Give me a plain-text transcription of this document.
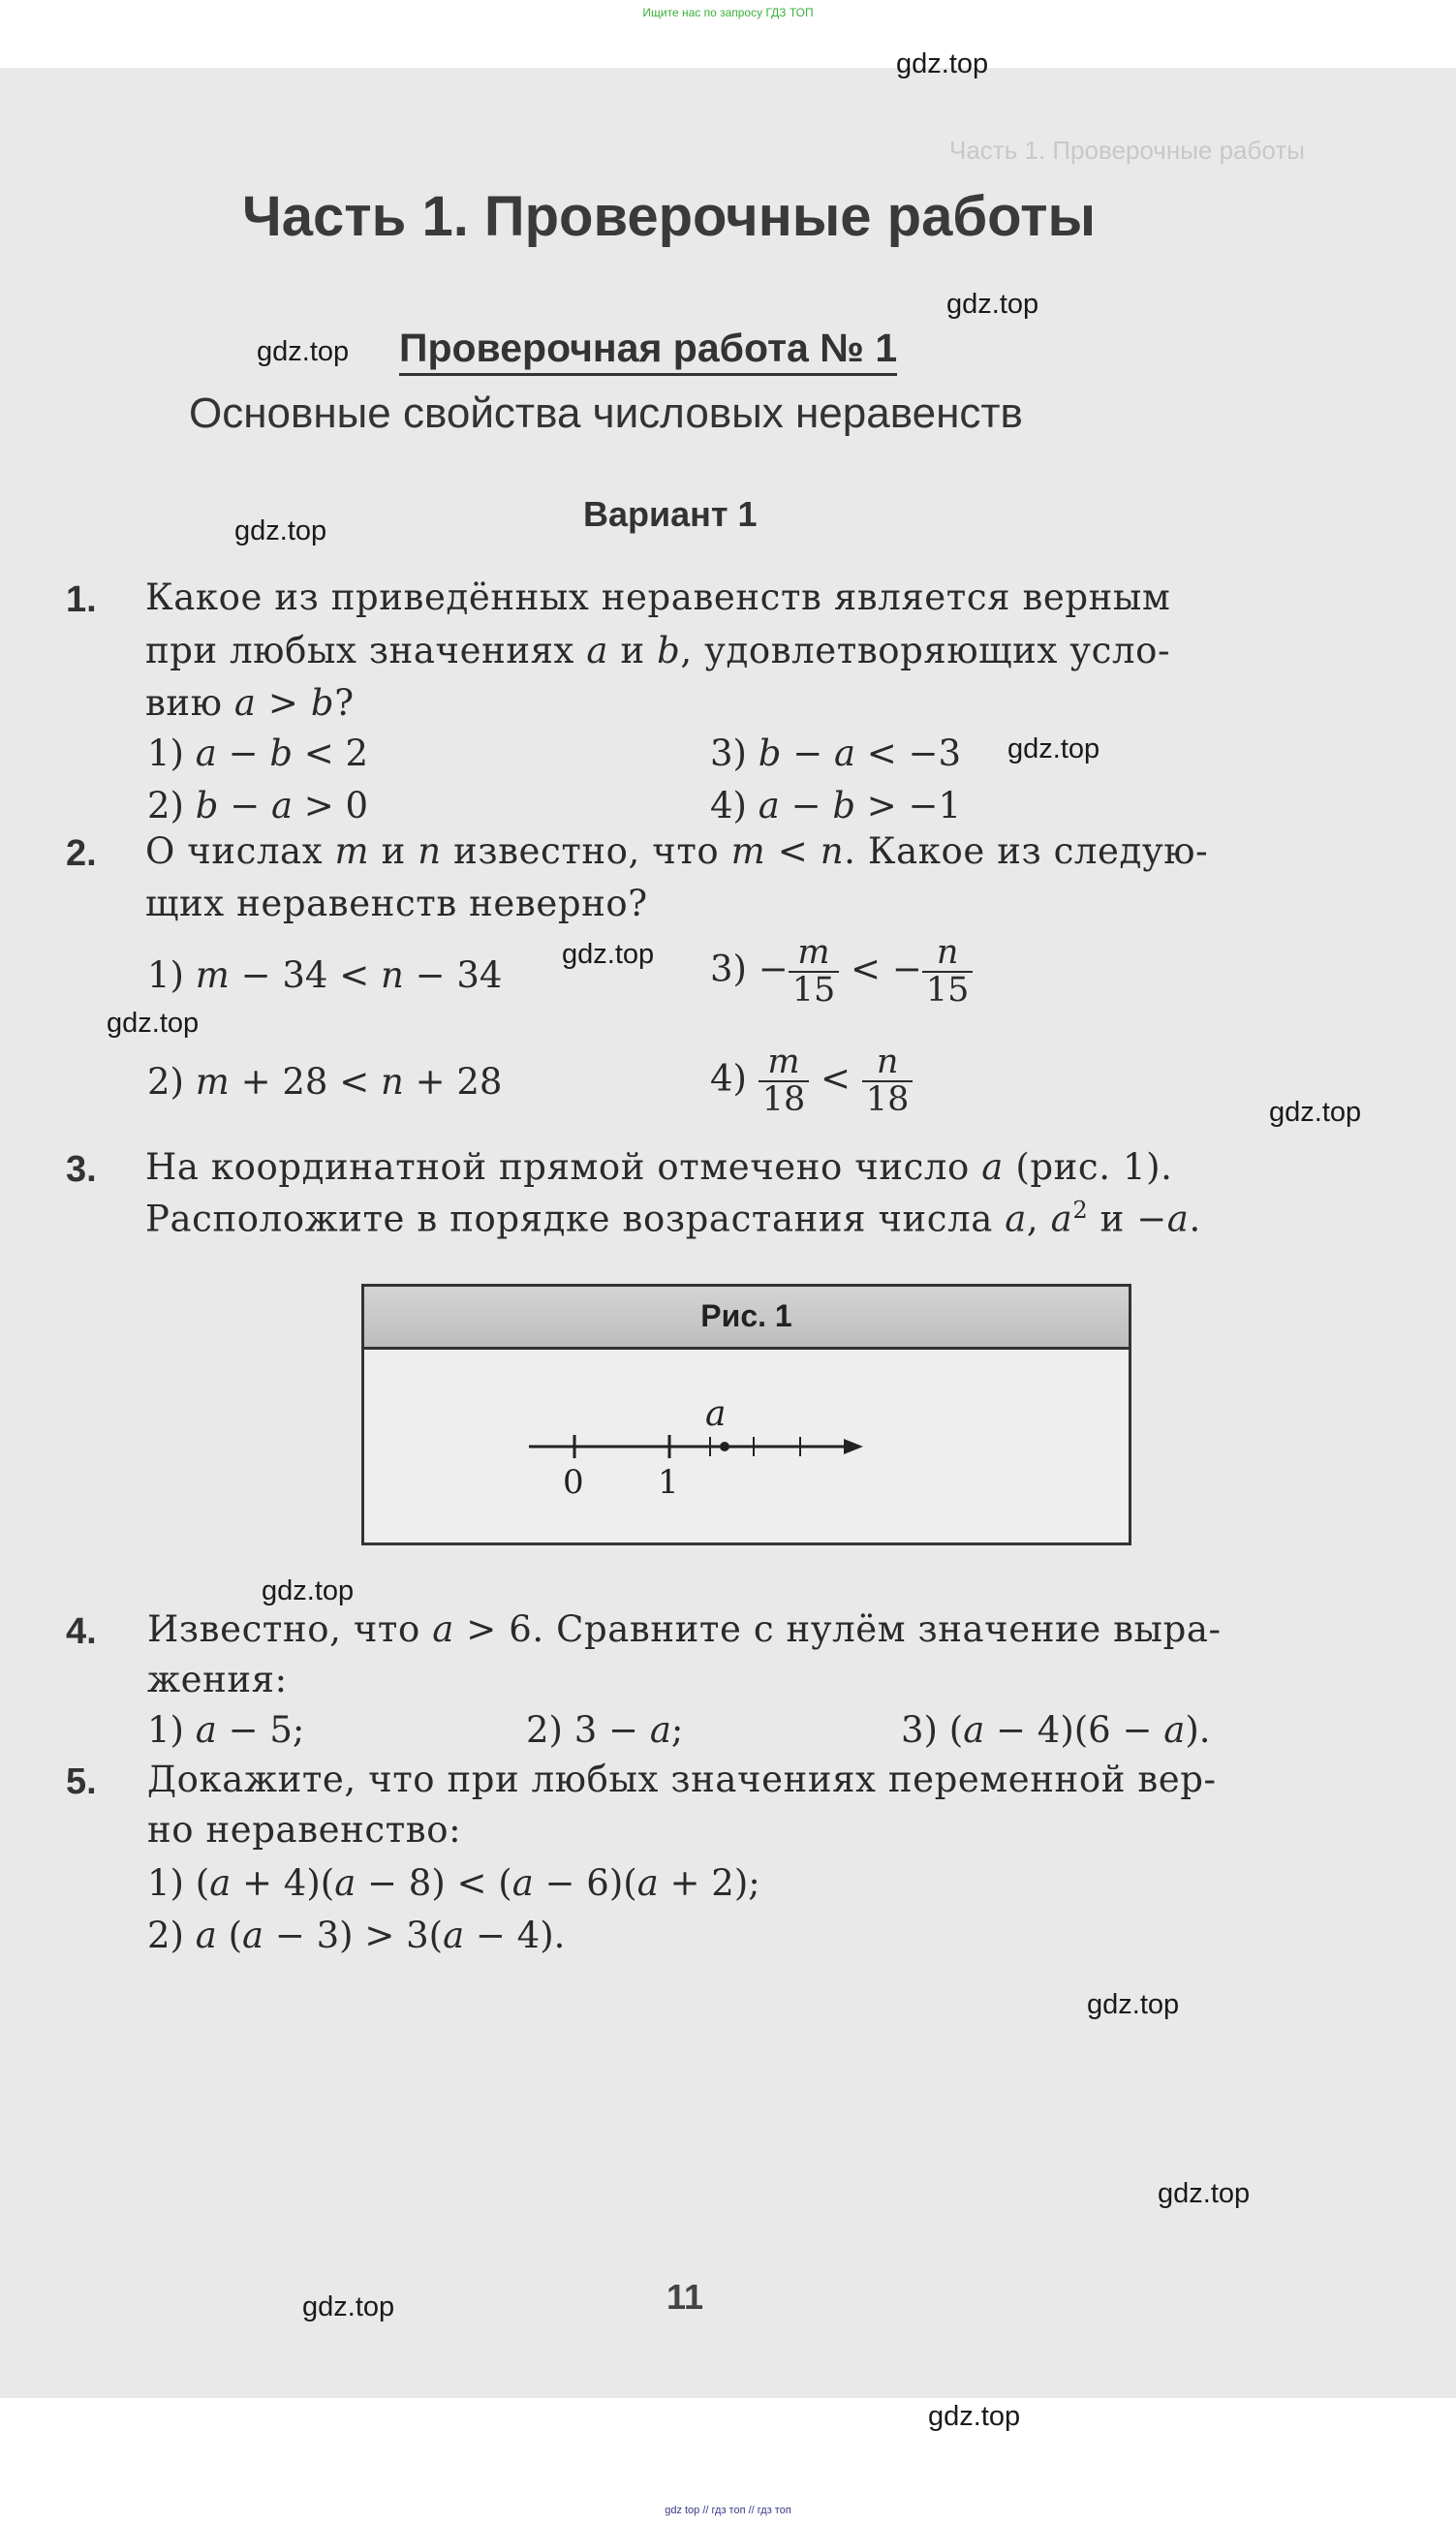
Ищите нас по запросу ГДЗ ТОП
Часть 1. Проверочные работы
gdz.top
gdz.top
gdz.top
gdz.top
gdz.top
gdz.top
gdz.top
gdz.top
gdz.top
gdz.top
gdz.top
gdz.top
gdz.top
Часть 1. Проверочные работы
Проверочная работа № 1
Основные свойства числовых неравенств
Вариант 1
1. Какое из приведённых неравенств является верным
при любых значениях a и b, удовлетворяющих усло-
вию a > b?
1) a − b < 2	3) b − a < −3
2) b − a > 0	4) a − b > −1
2. О числах m и n известно, что m < n. Какое из следую-
щих неравенств неверно?
1) m − 34 < n − 34	$3) - \frac{m}{15}$ < − $\frac{n}{15}$
2) m + 28 < n + 28	$4) \frac{m}{18} < \frac{n}{18}$
3. На координатной прямой отмечено число a (рис. 1).
Расположите в порядке возрастания числа a, $a^2$ и −a.
Рис. 1
a
0 1
4. Известно, что a > 6. Сравните с нулём значение выра-
жения:
1) a − 5;	2) 3 − a;	3) (a − 4)(6 − a).
5. Докажите, что при любых значениях переменной вер-
но неравенство:
1) (a + 4)(a − 8) < (a − 6)(a + 2);
2) a (a − 3) > 3(a − 4).
11
gdz top // гдз топ // гдз топ
